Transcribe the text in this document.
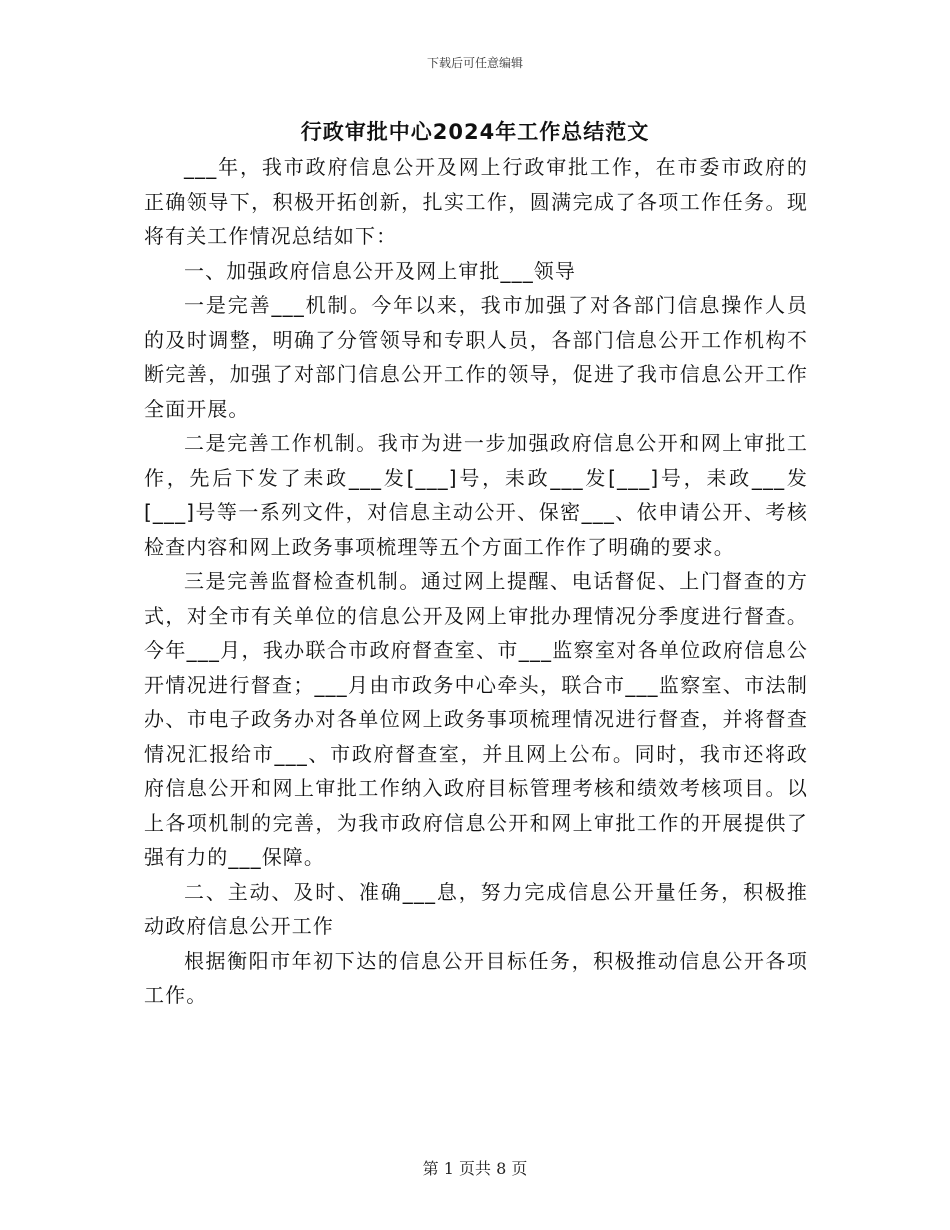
下载后可任意编辑
行政审批中心2024年工作总结范文

___年，我市政府信息公开及网上行政审批工作，在市委市政府的正确领导下，积极开拓创新，扎实工作，圆满完成了各项工作任务。现将有关工作情况总结如下：

一、加强政府信息公开及网上审批___领导

一是完善___机制。今年以来，我市加强了对各部门信息操作人员的及时调整，明确了分管领导和专职人员，各部门信息公开工作机构不断完善，加强了对部门信息公开工作的领导，促进了我市信息公开工作全面开展。

二是完善工作机制。我市为进一步加强政府信息公开和网上审批工作，先后下发了耒政___发[___]号，耒政___发[___]号，耒政___发[___]号等一系列文件，对信息主动公开、保密___、依申请公开、考核检查内容和网上政务事项梳理等五个方面工作作了明确的要求。

三是完善监督检查机制。通过网上提醒、电话督促、上门督查的方式，对全市有关单位的信息公开及网上审批办理情况分季度进行督查。今年___月，我办联合市政府督查室、市___监察室对各单位政府信息公开情况进行督查；___月由市政务中心牵头，联合市___监察室、市法制办、市电子政务办对各单位网上政务事项梳理情况进行督查，并将督查情况汇报给市___、市政府督查室，并且网上公布。同时，我市还将政府信息公开和网上审批工作纳入政府目标管理考核和绩效考核项目。以上各项机制的完善，为我市政府信息公开和网上审批工作的开展提供了强有力的___保障。

二、主动、及时、准确___息，努力完成信息公开量任务，积极推动政府信息公开工作

根据衡阳市年初下达的信息公开目标任务，积极推动信息公开各项工作。

第 1 页共 8 页
